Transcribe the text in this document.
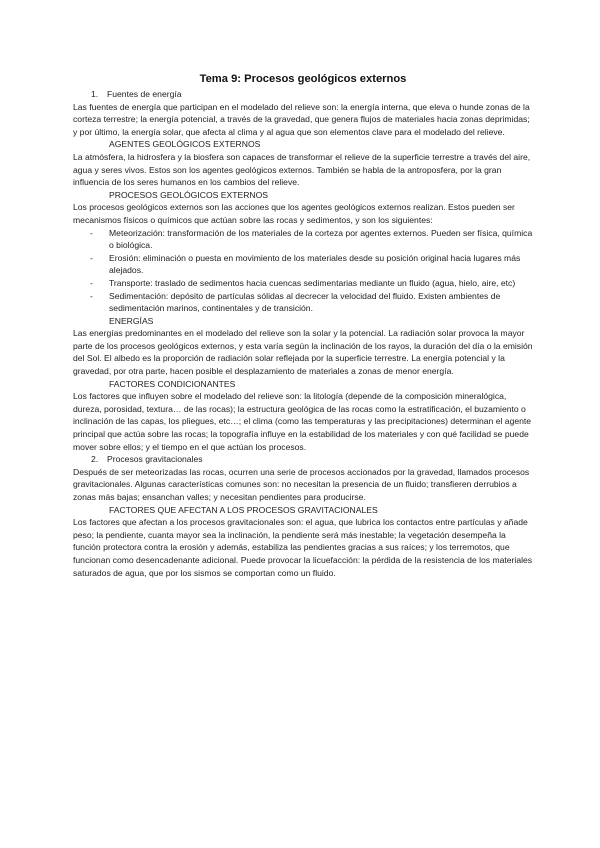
Tema 9: Procesos geológicos externos

1. Fuentes de energía

Las fuentes de energía que participan en el modelado del relieve son: la energía interna, que eleva o hunde zonas de la corteza terrestre; la energía potencial, a través de la gravedad, que genera flujos de materiales hacia zonas deprimidas; y por último, la energía solar, que afecta al clima y al agua que son elementos clave para el modelado del relieve.

AGENTES GEOLÓGICOS EXTERNOS

La atmósfera, la hidrosfera y la biosfera son capaces de transformar el relieve de la superficie terrestre a través del aire, agua y seres vivos. Estos son los agentes geológicos externos. También se habla de la antroposfera, por la gran influencia de los seres humanos en los cambios del relieve.

PROCESOS GEOLÓGICOS EXTERNOS

Los procesos geológicos externos son las acciones que los agentes geológicos externos realizan. Estos pueden ser mecanismos físicos o químicos que actúan sobre las rocas y sedimentos, y son los siguientes:

- Meteorización: transformación de los materiales de la corteza por agentes externos. Pueden ser física, química o biológica.
- Erosión: eliminación o puesta en movimiento de los materiales desde su posición original hacia lugares más alejados.
- Transporte: traslado de sedimentos hacia cuencas sedimentarias mediante un fluido (agua, hielo, aire, etc)
- Sedimentación: depósito de partículas sólidas al decrecer la velocidad del fluido. Existen ambientes de sedimentación marinos, continentales y de transición.

ENERGÍAS

Las energías predominantes en el modelado del relieve son la solar y la potencial. La radiación solar provoca la mayor parte de los procesos geológicos externos, y esta varía según la inclinación de los rayos, la duración del día o la emisión del Sol. El albedo es la proporción de radiación solar reflejada por la superficie terrestre. La energía potencial y la gravedad, por otra parte, hacen posible el desplazamiento de materiales a zonas de menor energía.

FACTORES CONDICIONANTES

Los factores que influyen sobre el modelado del relieve son: la litología (depende de la composición mineralógica, dureza, porosidad, textura… de las rocas); la estructura geológica de las rocas como la estratificación, el buzamiento o inclinación de las capas, los pliegues, etc…; el clima (como las temperaturas y las precipitaciones) determinan el agente principal que actúa sobre las rocas; la topografía influye en la estabilidad de los materiales y con qué facilidad se puede mover sobre ellos; y el tiempo en el que actúan los procesos.

2. Procesos gravitacionales

Después de ser meteorizadas las rocas, ocurren una serie de procesos accionados por la gravedad, llamados procesos gravitacionales. Algunas características comunes son: no necesitan la presencia de un fluido; transfieren derrubios a zonas más bajas; ensanchan valles; y necesitan pendientes para producirse.

FACTORES QUE AFECTAN A LOS PROCESOS GRAVITACIONALES

Los factores que afectan a los procesos gravitacionales son: el agua, que lubrica los contactos entre partículas y añade peso; la pendiente, cuanta mayor sea la inclinación, la pendiente será más inestable; la vegetación desempeña la función protectora contra la erosión y además, estabiliza las pendientes gracias a sus raíces; y los terremotos, que funcionan como desencadenante adicional. Puede provocar la licuefacción: la pérdida de la resistencia de los materiales saturados de agua, que por los sismos se comportan como un fluido.
